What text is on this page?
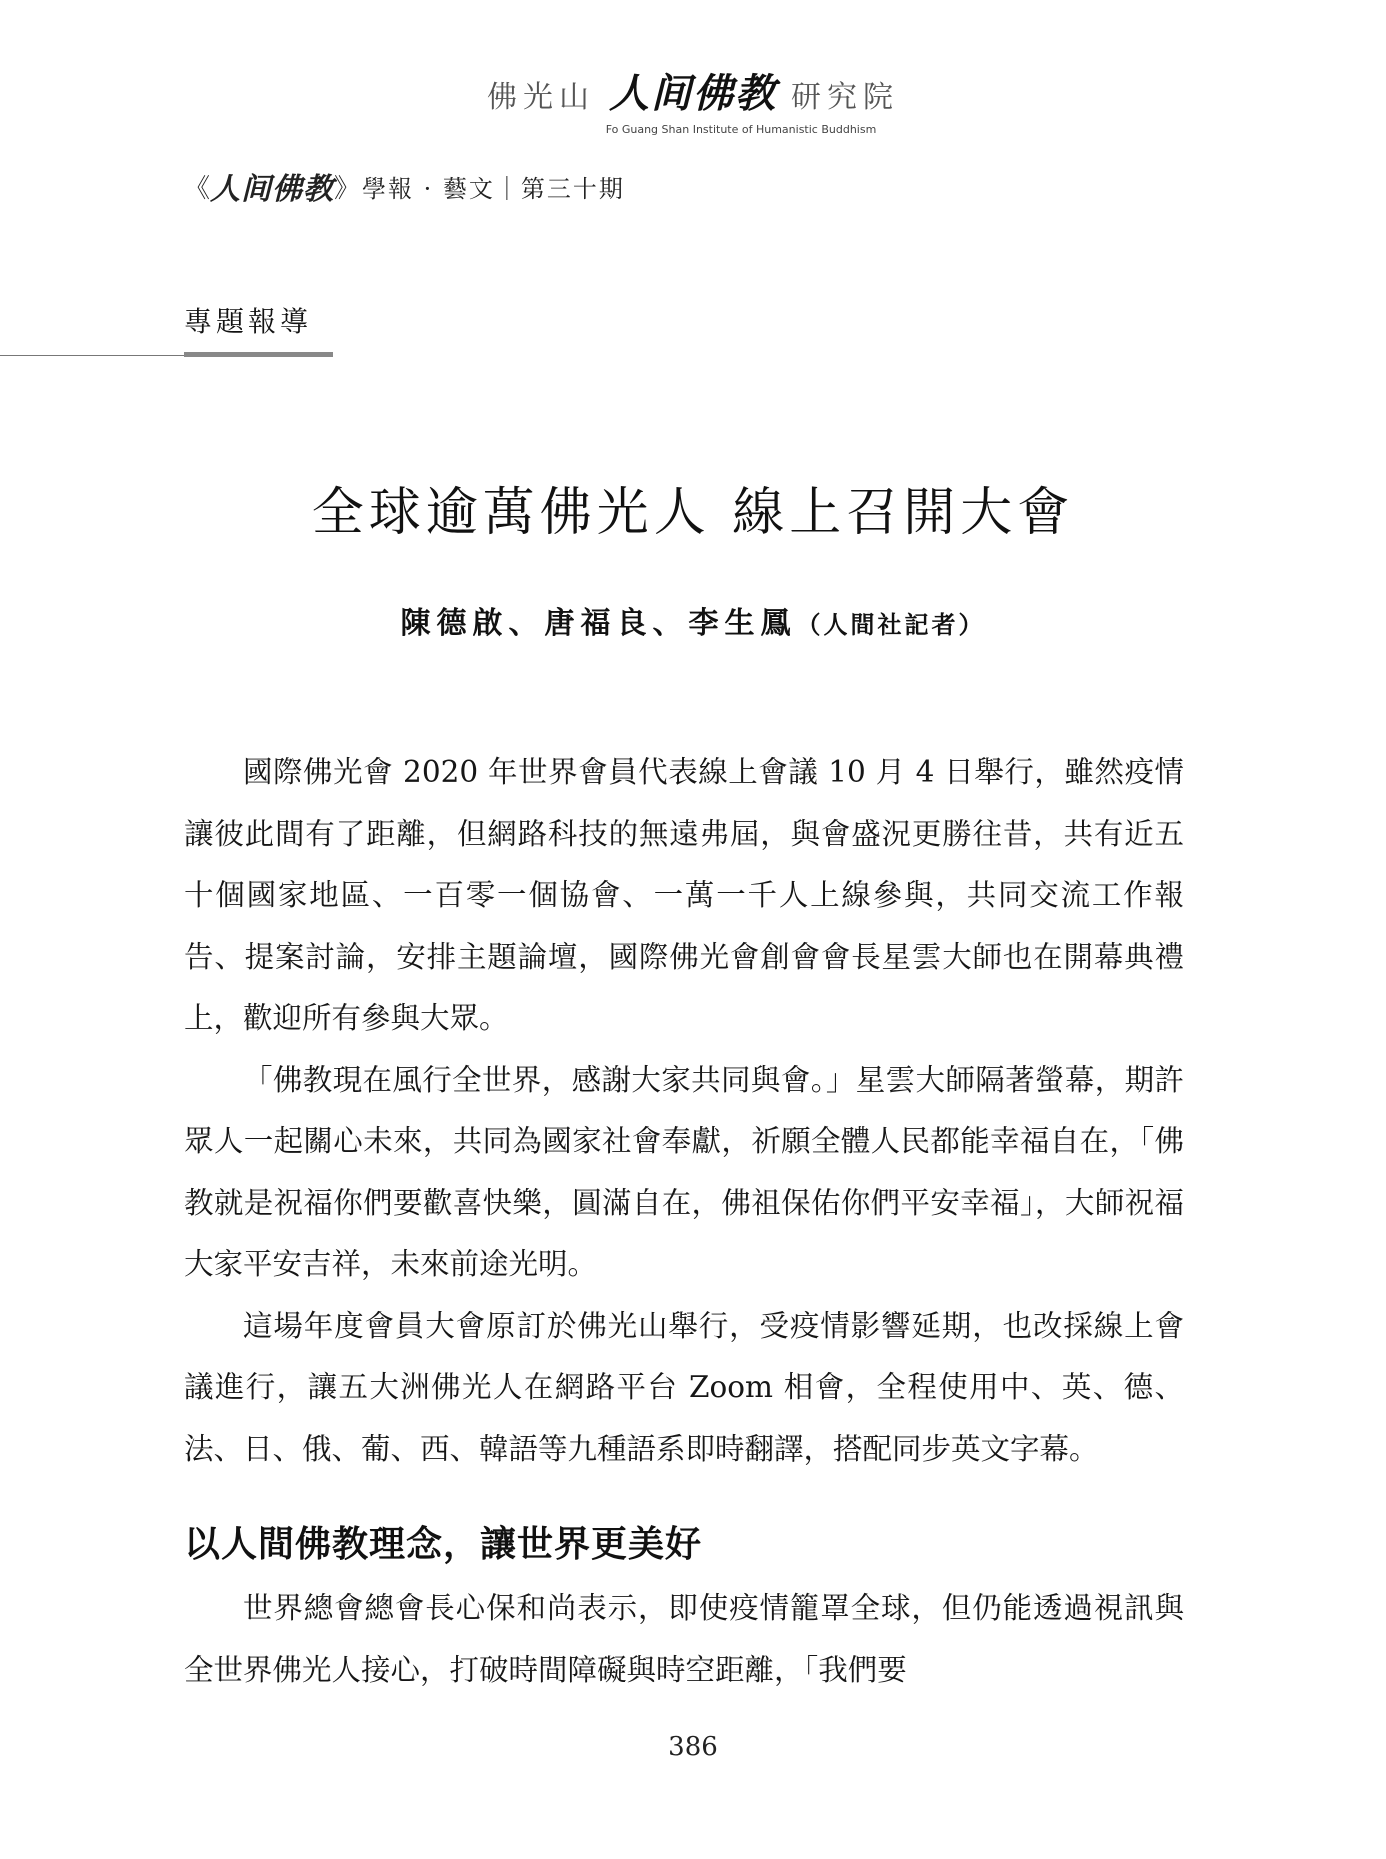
佛光山 人间佛教 研究院
Fo Guang Shan Institute of Humanistic Buddhism
《 人间佛教 》 學報 · 藝文｜第三十期
專題報導
全球逾萬佛光人 線上召開大會
陳德啟、唐福良、李生鳳（人間社記者）

國際佛光會 2020 年世界會員代表線上會議 10 月 4 日舉行，雖然疫情讓彼此間有了距離，但網路科技的無遠弗屆，與會盛況更勝往昔，共有近五十個國家地區、一百零一個協會、一萬一千人上線參與，共同交流工作報告、提案討論，安排主題論壇，國際佛光會創會會長星雲大師也在開幕典禮上，歡迎所有參與大眾。

「佛教現在風行全世界，感謝大家共同與會。」星雲大師隔著螢幕，期許眾人一起關心未來，共同為國家社會奉獻，祈願全體人民都能幸福自在，「佛教就是祝福你們要歡喜快樂，圓滿自在，佛祖保佑你們平安幸福」，大師祝福大家平安吉祥，未來前途光明。

這場年度會員大會原訂於佛光山舉行，受疫情影響延期，也改採線上會議進行，讓五大洲佛光人在網路平台 Zoom 相會，全程使用中、英、德、法、日、俄、葡、西、韓語等九種語系即時翻譯，搭配同步英文字幕。

以人間佛教理念，讓世界更美好

世界總會總會長心保和尚表示，即使疫情籠罩全球，但仍能透過視訊與全世界佛光人接心，打破時間障礙與時空距離，「我們要

386
